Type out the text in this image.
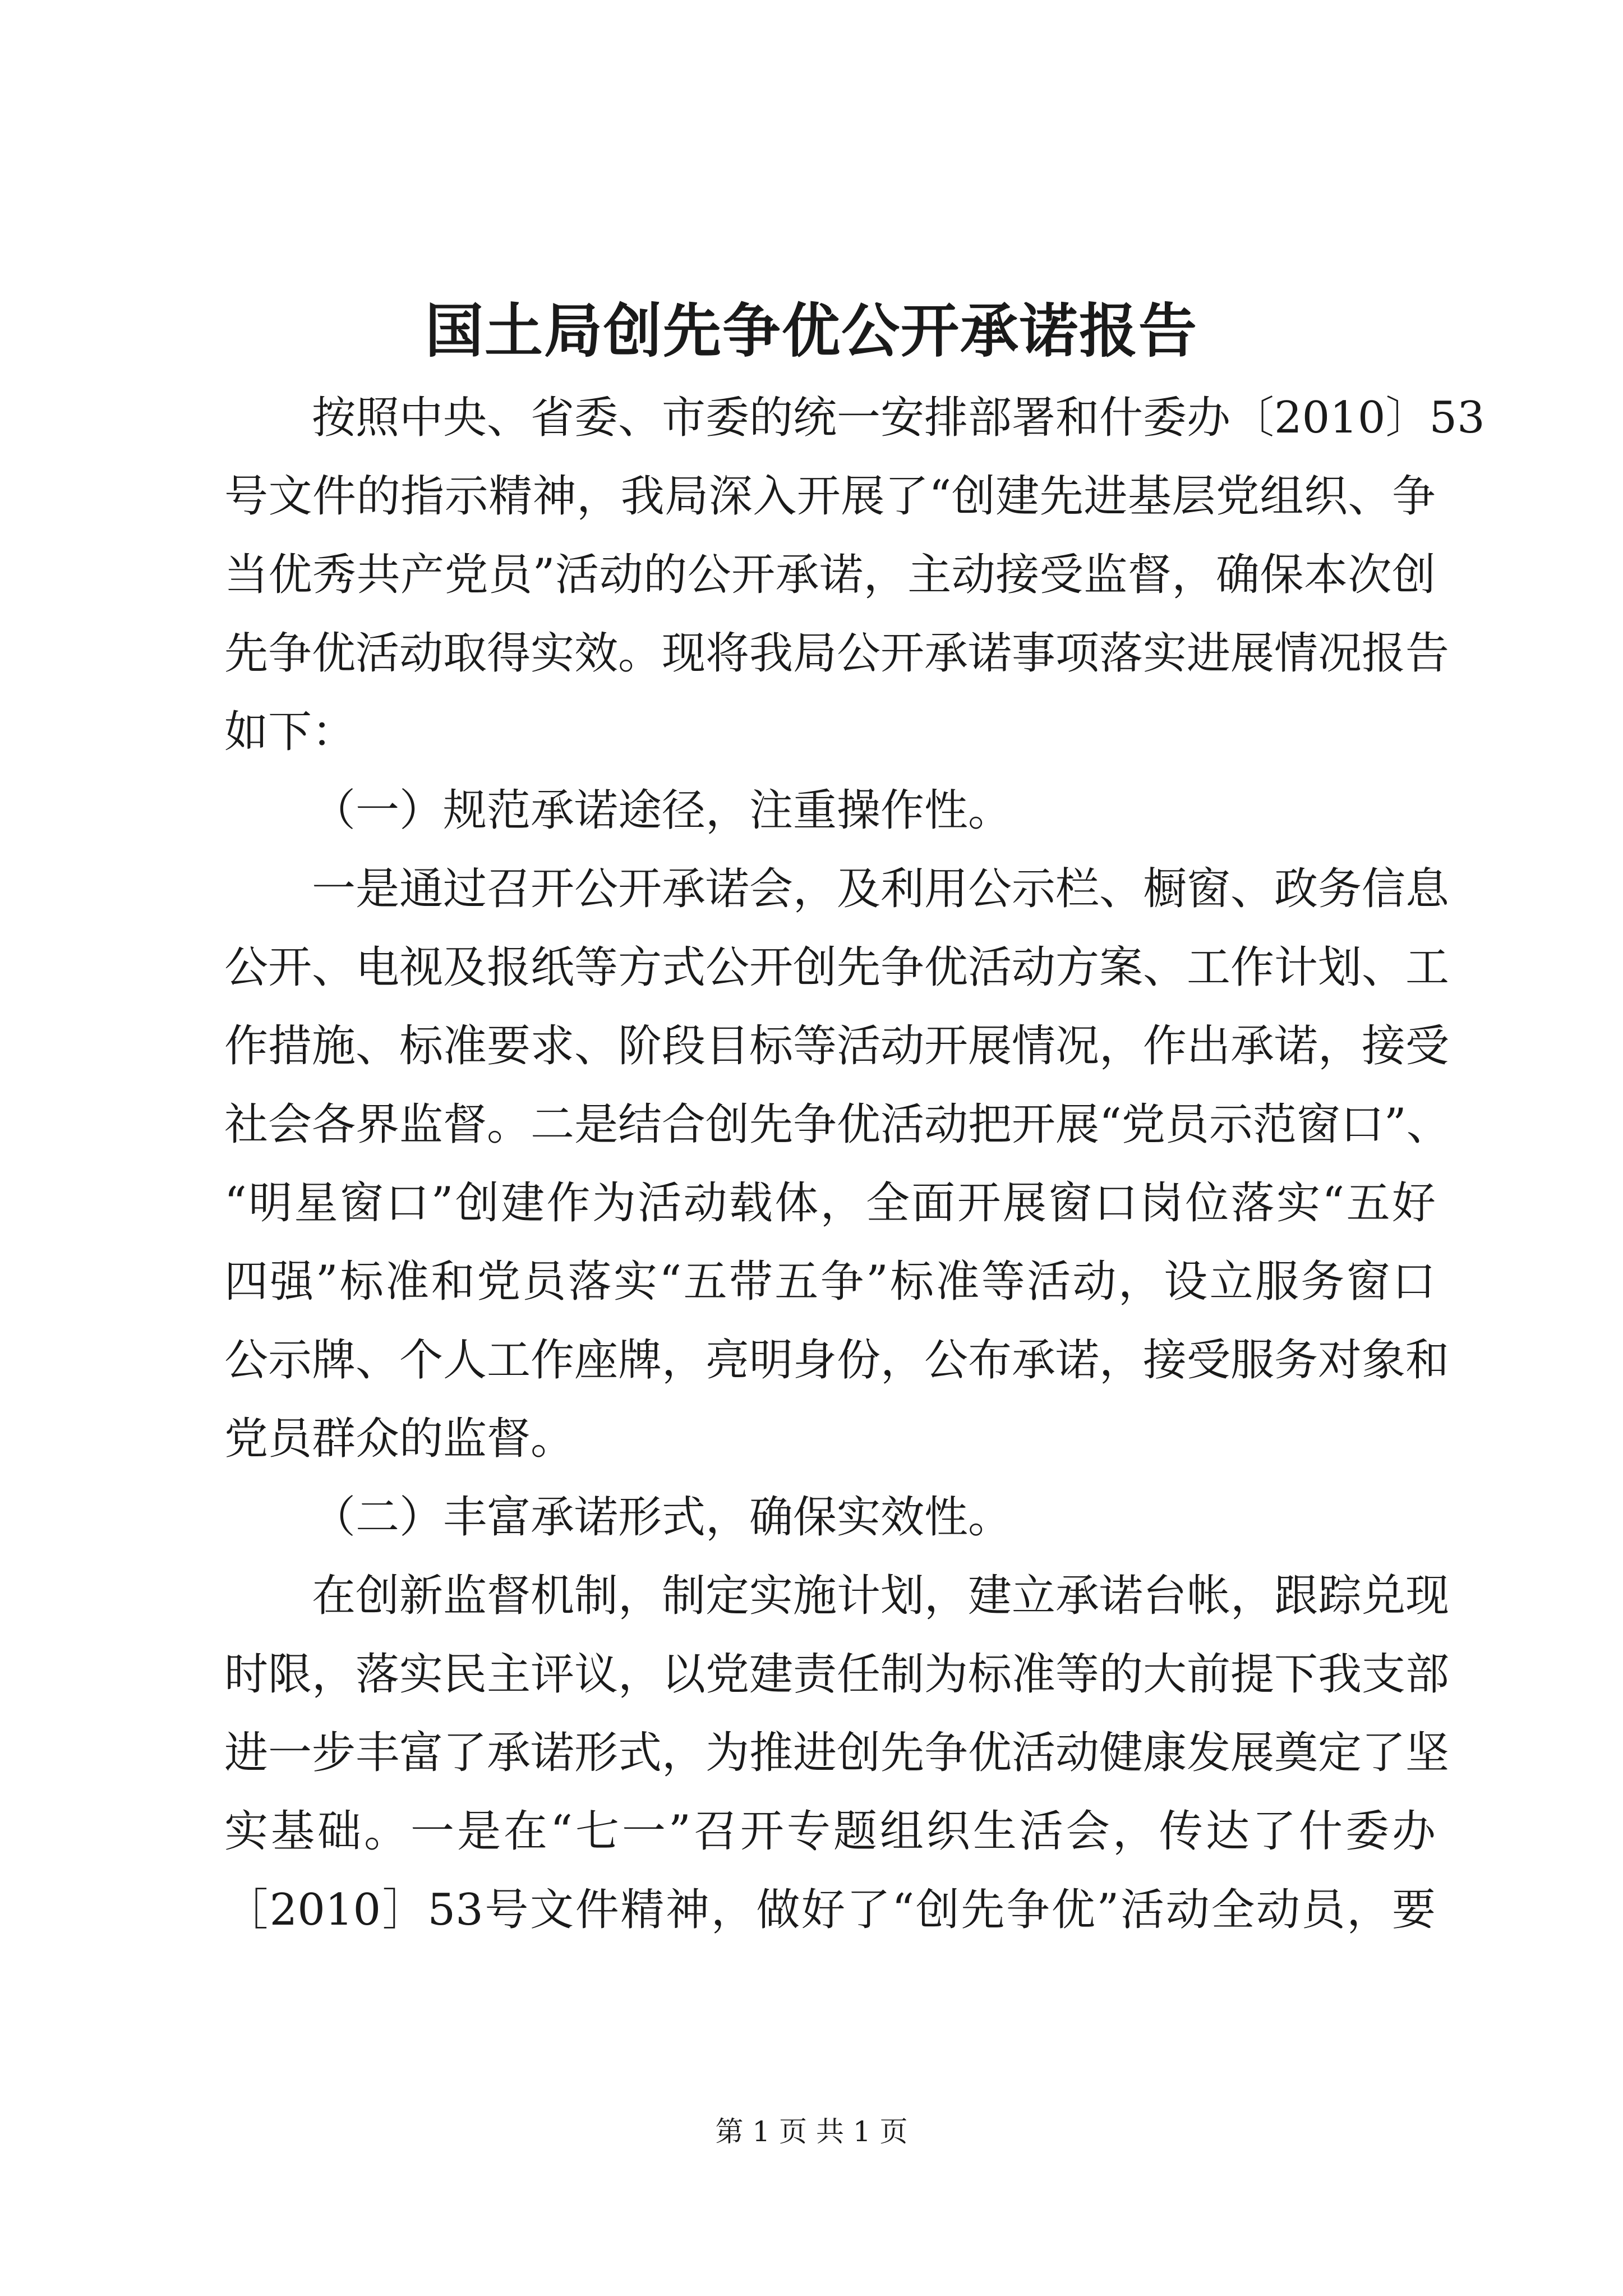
国土局创先争优公开承诺报告
按照中央、省委、市委的统一安排部署和什委办〔2010〕53
号文件的指示精神，我局深入开展了“创建先进基层党组织、争
当优秀共产党员”活动的公开承诺，主动接受监督，确保本次创
先争优活动取得实效。现将我局公开承诺事项落实进展情况报告
如下：
（一）规范承诺途径，注重操作性。
一是通过召开公开承诺会，及利用公示栏、橱窗、政务信息
公开、电视及报纸等方式公开创先争优活动方案、工作计划、工
作措施、标准要求、阶段目标等活动开展情况，作出承诺，接受
社会各界监督。二是结合创先争优活动把开展“党员示范窗口”、
“明星窗口”创建作为活动载体，全面开展窗口岗位落实“五好
四强”标准和党员落实“五带五争”标准等活动，设立服务窗口
公示牌、个人工作座牌，亮明身份，公布承诺，接受服务对象和
党员群众的监督。
（二）丰富承诺形式，确保实效性。
在创新监督机制，制定实施计划，建立承诺台帐，跟踪兑现
时限，落实民主评议，以党建责任制为标准等的大前提下我支部
进一步丰富了承诺形式，为推进创先争优活动健康发展奠定了坚
实基础。一是在“七一”召开专题组织生活会，传达了什委办
［2010］53号文件精神，做好了“创先争优”活动全动员，要
第 1 页 共 1 页
